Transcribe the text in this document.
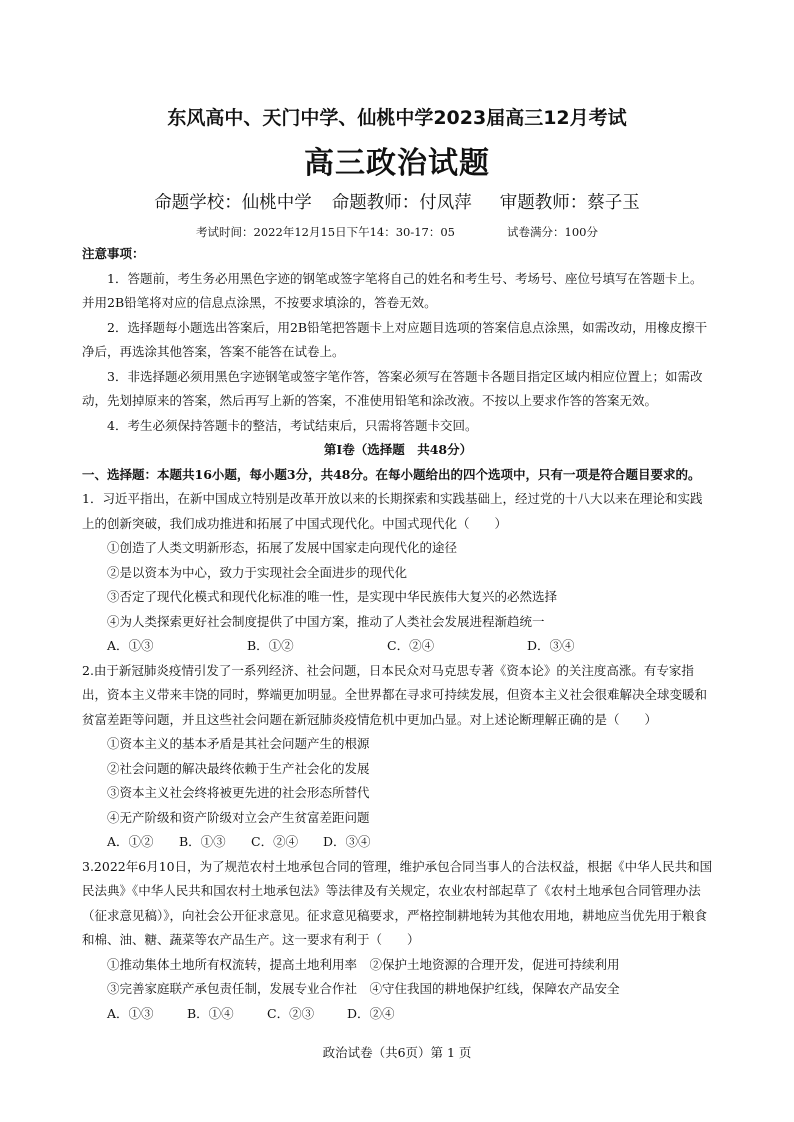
东风高中、天门中学、仙桃中学2023届高三12月考试
高三政治试题
命题学校：仙桃中学 命题教师：付凤萍 审题教师：蔡子玉
考试时间：2022年12月15日下午14：30-17：05	试卷满分：100分
注意事项：
1．答题前，考生务必用黑色字迹的钢笔或签字笔将自己的姓名和考生号、考场号、座位号填写在答题卡上。并用2B铅笔将对应的信息点涂黑，不按要求填涂的，答卷无效。
2．选择题每小题选出答案后，用2B铅笔把答题卡上对应题目选项的答案信息点涂黑，如需改动，用橡皮擦干净后，再选涂其他答案，答案不能答在试卷上。
3．非选择题必须用黑色字迹钢笔或签字笔作答，答案必须写在答题卡各题目指定区域内相应位置上；如需改动，先划掉原来的答案，然后再写上新的答案，不准使用铅笔和涂改液。不按以上要求作答的答案无效。
4．考生必须保持答题卡的整洁，考试结束后，只需将答题卡交回。
第Ⅰ卷（选择题　共48分）
一、选择题：本题共16小题，每小题3分，共48分。在每小题给出的四个选项中，只有一项是符合题目要求的。
1．习近平指出，在新中国成立特别是改革开放以来的长期探索和实践基础上，经过党的十八大以来在理论和实践上的创新突破，我们成功推进和拓展了中国式现代化。中国式现代化（　　）
①创造了人类文明新形态，拓展了发展中国家走向现代化的途径
②是以资本为中心，致力于实现社会全面进步的现代化
③否定了现代化模式和现代化标准的唯一性，是实现中华民族伟大复兴的必然选择
④为人类探索更好社会制度提供了中国方案，推动了人类社会发展进程渐趋统一
A．①③	B．①②	C．②④	D．③④
2.由于新冠肺炎疫情引发了一系列经济、社会问题，日本民众对马克思专著《资本论》的关注度高涨。有专家指出，资本主义带来丰饶的同时，弊端更加明显。全世界都在寻求可持续发展，但资本主义社会很难解决全球变暖和贫富差距等问题，并且这些社会问题在新冠肺炎疫情危机中更加凸显。对上述论断理解正确的是（　　）
①资本主义的基本矛盾是其社会问题产生的根源
②社会问题的解决最终依赖于生产社会化的发展
③资本主义社会终将被更先进的社会形态所替代
④无产阶级和资产阶级对立会产生贫富差距问题
A．①②	B．①③	C．②④	D．③④
3.2022年6月10日，为了规范农村土地承包合同的管理，维护承包合同当事人的合法权益，根据《中华人民共和国民法典》《中华人民共和国农村土地承包法》等法律及有关规定，农业农村部起草了《农村土地承包合同管理办法（征求意见稿）》，向社会公开征求意见。征求意见稿要求，严格控制耕地转为其他农用地，耕地应当优先用于粮食和棉、油、糖、蔬菜等农产品生产。这一要求有利于（　　）
①推动集体土地所有权流转，提高土地利用率　②保护土地资源的合理开发，促进可持续利用
③完善家庭联产承包责任制，发展专业合作社　④守住我国的耕地保护红线，保障农产品安全
A．①③	B．①④	C．②③	D．②④
政治试卷（共6页）第 1 页
